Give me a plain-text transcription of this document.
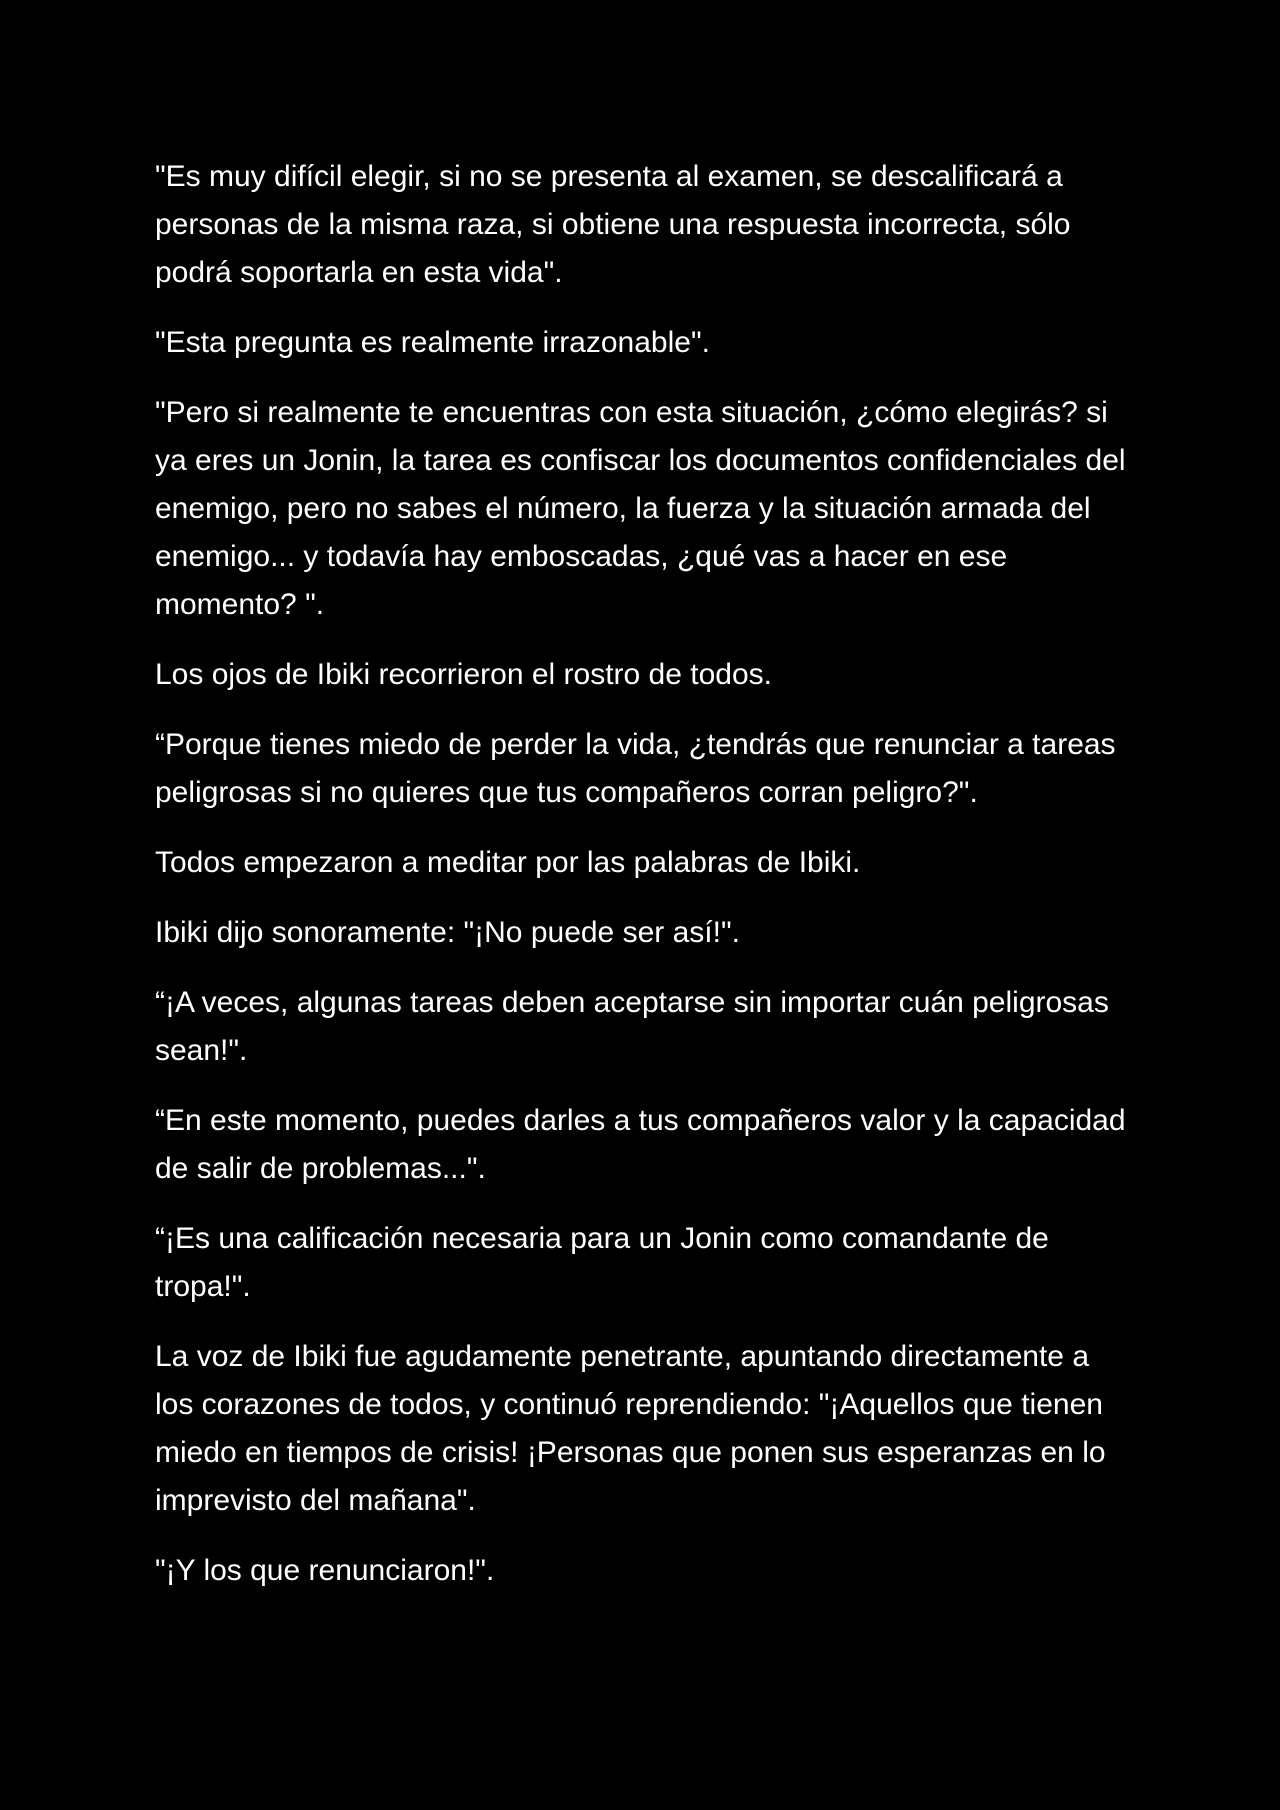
"Es muy difícil elegir, si no se presenta al examen, se descalificará a personas de la misma raza, si obtiene una respuesta incorrecta, sólo podrá soportarla en esta vida".

"Esta pregunta es realmente irrazonable".

"Pero si realmente te encuentras con esta situación, ¿cómo elegirás? si ya eres un Jonin, la tarea es confiscar los documentos confidenciales del enemigo, pero no sabes el número, la fuerza y la situación armada del enemigo... y todavía hay emboscadas, ¿qué vas a hacer en ese momento? ".

Los ojos de Ibiki recorrieron el rostro de todos.

“Porque tienes miedo de perder la vida, ¿tendrás que renunciar a tareas peligrosas si no quieres que tus compañeros corran peligro?".

Todos empezaron a meditar por las palabras de Ibiki.

Ibiki dijo sonoramente: "¡No puede ser así!".

“¡A veces, algunas tareas deben aceptarse sin importar cuán peligrosas sean!".

“En este momento, puedes darles a tus compañeros valor y la capacidad de salir de problemas...".

“¡Es una calificación necesaria para un Jonin como comandante de tropa!".

La voz de Ibiki fue agudamente penetrante, apuntando directamente a los corazones de todos, y continuó reprendiendo: "¡Aquellos que tienen miedo en tiempos de crisis! ¡Personas que ponen sus esperanzas en lo imprevisto del mañana".

"¡Y los que renunciaron!".
